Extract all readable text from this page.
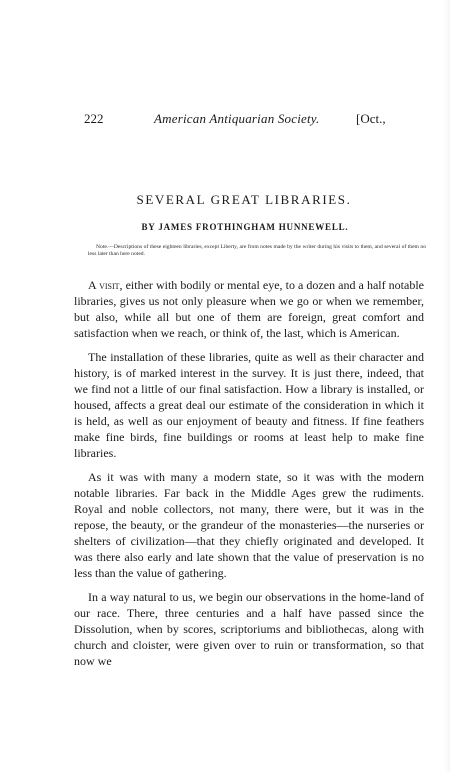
222	American Antiquarian Society.	[Oct.,
SEVERAL GREAT LIBRARIES.
BY JAMES FROTHINGHAM HUNNEWELL.
Note.—Descriptions of these eighteen libraries, except Liberty, are from notes made by the writer during his visits to them, and several of them no less later than here noted.

A visit, either with bodily or mental eye, to a dozen and a half notable libraries, gives us not only pleasure when we go or when we remember, but also, while all but one of them are foreign, great comfort and satisfaction when we reach, or think of, the last, which is American.

The installation of these libraries, quite as well as their character and history, is of marked interest in the survey. It is just there, indeed, that we find not a little of our final satisfaction. How a library is installed, or housed, affects a great deal our estimate of the consideration in which it is held, as well as our enjoyment of beauty and fitness. If fine feathers make fine birds, fine buildings or rooms at least help to make fine libraries.

As it was with many a modern state, so it was with the modern notable libraries. Far back in the Middle Ages grew the rudiments. Royal and noble collectors, not many, there were, but it was in the repose, the beauty, or the grandeur of the monasteries—the nurseries or shelters of civilization—that they chiefly originated and developed. It was there also early and late shown that the value of preservation is no less than the value of gathering.

In a way natural to us, we begin our observations in the home-land of our race. There, three centuries and a half have passed since the Dissolution, when by scores, scriptoriums and bibliothecas, along with church and cloister, were given over to ruin or transformation, so that now we
